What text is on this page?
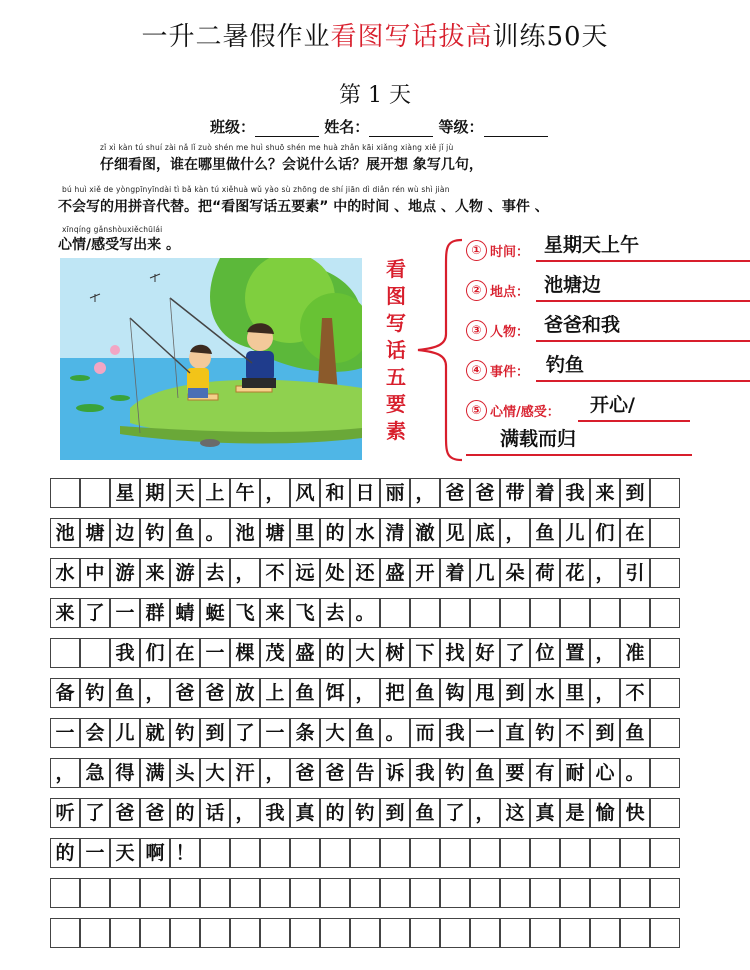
一升二暑假作业看图写话拔高训练50天
第 1 天
班级：	姓名：	等级：
zǐ xì kàn tú shuí zài nǎ lǐ zuò shén me huì shuō shén me huà zhǎn kāi xiǎng xiàng xiě jǐ jù
仔细看图，谁在哪里做什么？会说什么话？展开想 象写几句，
bú huì xiě de yòngpīnyīndài tì bǎ kàn tú xiěhuà wǔ yào sù zhōng de shí jiān dì diǎn rén wù shì jiàn
不会写的用拼音代替。把“看图写话五要素” 中的时间 、地点 、人物 、事件 、
xīnqíng gǎnshòuxiěchūlái
心情/感受写出来 。
看图写话五要素
① 时间： 星期天上午
② 地点： 池塘边
③ 人物： 爸爸和我
④ 事件： 钓鱼
⑤ 心情/感受： 开心/
满载而归
星 期 天 上 午 ， 风 和 日 丽 ， 爸 爸 带 着 我 来 到
池 塘 边 钓 鱼 。 池 塘 里 的 水 清 澈 见 底 ， 鱼 儿 们 在
水 中 游 来 游 去 ， 不 远 处 还 盛 开 着 几 朵 荷 花 ， 引
来 了 一 群 蜻 蜓 飞 来 飞 去 。
我 们 在 一 棵 茂 盛 的 大 树 下 找 好 了 位 置 ， 准
备 钓 鱼 ， 爸 爸 放 上 鱼 饵 ， 把 鱼 钩 甩 到 水 里 ， 不
一 会 儿 就 钓 到 了 一 条 大 鱼 。 而 我 一 直 钓 不 到 鱼
， 急 得 满 头 大 汗 ， 爸 爸 告 诉 我 钓 鱼 要 有 耐 心 。
听 了 爸 爸 的 话 ， 我 真 的 钓 到 鱼 了 ， 这 真 是 愉 快
的 一 天 啊 ！
